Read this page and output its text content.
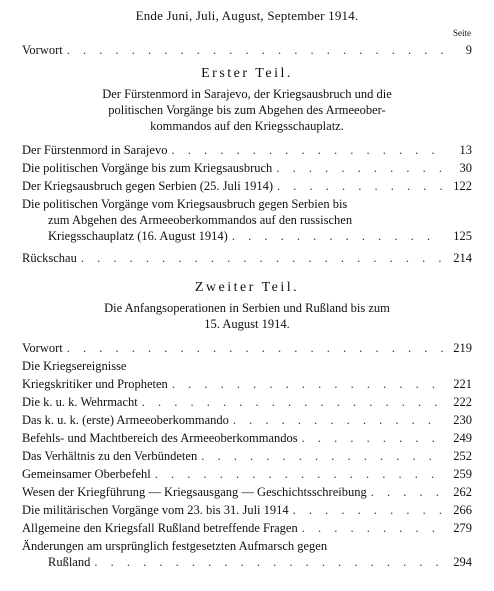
Ende Juni, Juli, August, September 1914.
Seite
Vorwort . . .	9
Erster Teil.
Der Fürstenmord in Sarajevo, der Kriegsausbruch und die
politischen Vorgänge bis zum Abgehen des Armeeober-
kommandos auf den Kriegsschauplatz.
Der Fürstenmord in Sarajevo . . .	13
Die politischen Vorgänge bis zum Kriegsausbruch . . .	30
Der Kriegsausbruch gegen Serbien (25. Juli 1914) . . .	122
Die politischen Vorgänge vom Kriegsausbruch gegen Serbien bis
zum Abgehen des Armeeoberkommandos auf den russischen
Kriegsschauplatz (16. August 1914) . . .	125
Rückschau . . .	214
Zweiter Teil.
Die Anfangsoperationen in Serbien und Rußland bis zum
15. August 1914.
Vorwort . . .	219
Die Kriegsereignisse
Kriegskritiker und Propheten . . .	221
Die k. u. k. Wehrmacht . . .	222
Das k. u. k. (erste) Armeeoberkommando . . .	230
Befehls- und Machtbereich des Armeeoberkommandos . . .	249
Das Verhältnis zu den Verbündeten . . .	252
Gemeinsamer Oberbefehl . . .	259
Wesen der Kriegführung — Kriegsausgang — Geschichtsschreibung . . .	262
Die militärischen Vorgänge vom 23. bis 31. Juli 1914 . . .	266
Allgemeine den Kriegsfall Rußland betreffende Fragen . . .	279
Änderungen am ursprünglich festgesetzten Aufmarsch gegen
Rußland . . .	294
